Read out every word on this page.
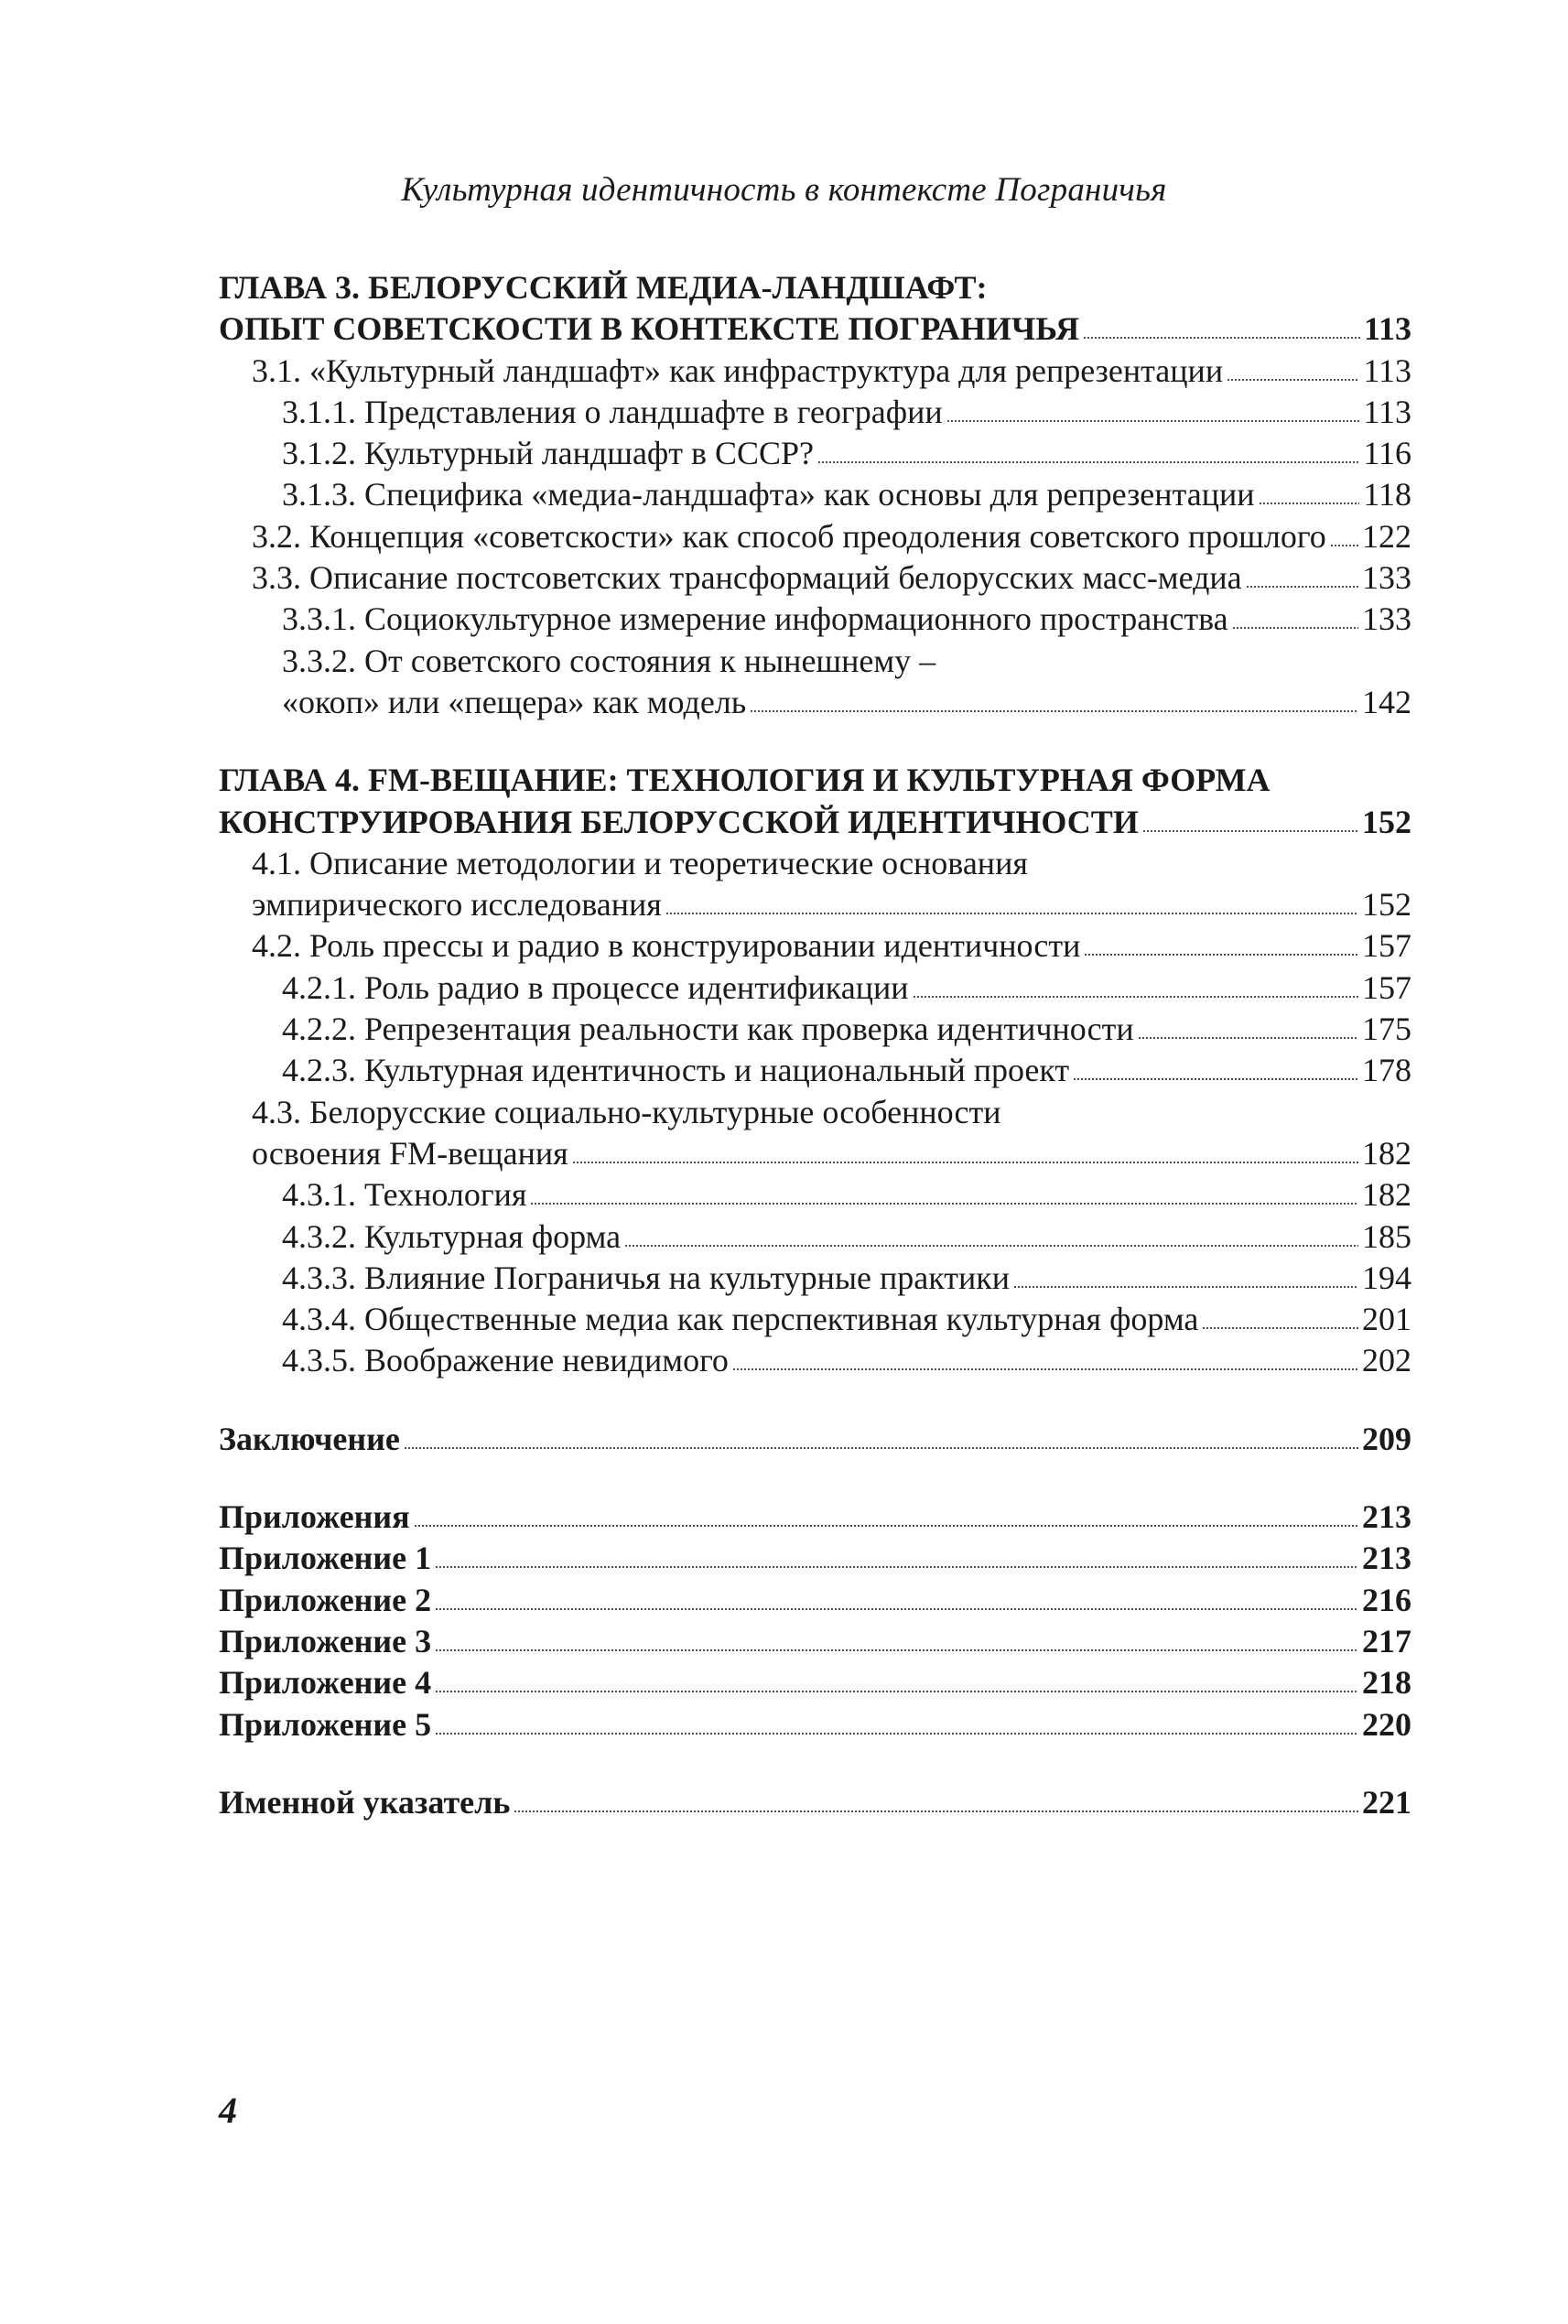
Культурная идентичность в контексте Пограничья
ГЛАВА 3. БЕЛОРУССКИЙ МЕДИА-ЛАНДШАФТ:
ОПЫТ СОВЕТСКОСТИ В КОНТЕКСТЕ ПОГРАНИЧЬЯ	113
3.1. «Культурный ландшафт» как инфраструктура для репрезентации	113
3.1.1. Представления о ландшафте в географии	113
3.1.2. Культурный ландшафт в СССР?	116
3.1.3. Специфика «медиа-ландшафта» как основы для репрезентации	118
3.2. Концепция «советскости» как способ преодоления советского прошлого 122
3.3. Описание постсоветских трансформаций белорусских масс-медиа	133
3.3.1. Социокультурное измерение информационного пространства	133
3.3.2. От советского состояния к нынешнему –
«окоп» или «пещера» как модель	142
ГЛАВА 4. FM-ВЕЩАНИЕ: ТЕХНОЛОГИЯ И КУЛЬТУРНАЯ ФОРМА
КОНСТРУИРОВАНИЯ БЕЛОРУССКОЙ ИДЕНТИЧНОСТИ	152
4.1. Описание методологии и теоретические основания
эмпирического исследования	152
4.2. Роль прессы и радио в конструировании идентичности	157
4.2.1. Роль радио в процессе идентификации	157
4.2.2. Репрезентация реальности как проверка идентичности	175
4.2.3. Культурная идентичность и национальный проект	178
4.3. Белорусские социально-культурные особенности
освоения FM-вещания	182
4.3.1. Технология	182
4.3.2. Культурная форма	185
4.3.3. Влияние Пограничья на культурные практики	194
4.3.4. Общественные медиа как перспективная культурная форма	201
4.3.5. Воображение невидимого	202
Заключение	209
Приложения	213
Приложение 1	213
Приложение 2	216
Приложение 3	217
Приложение 4	218
Приложение 5	220
Именной указатель	221
4
